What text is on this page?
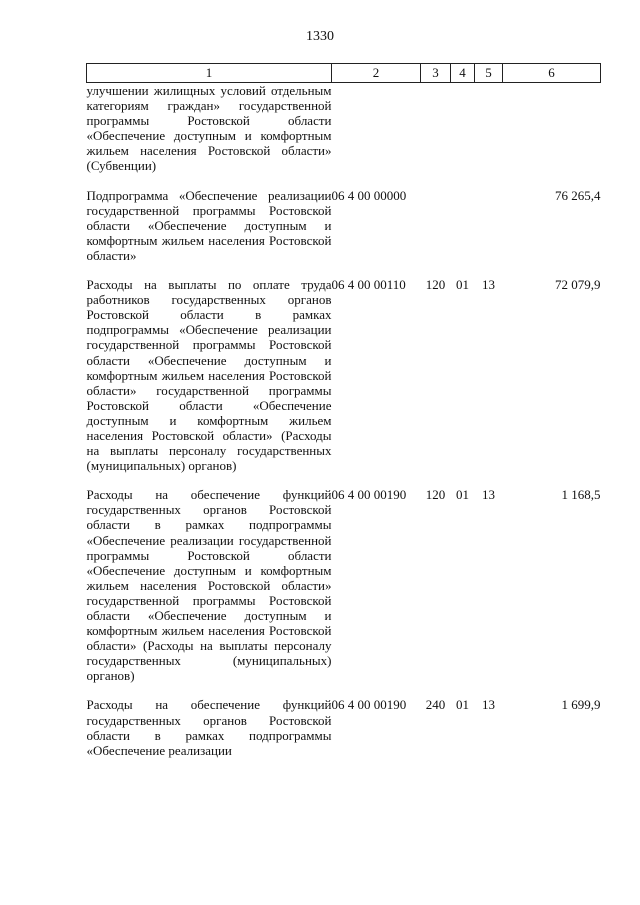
1330
1	2	3	4	5	6

улучшении жилищных условий отдельным категориям граждан» государственной программы Ростовской области «Обеспечение доступным и комфортным жильем населения Ростовской области» (Субвенции)					

Подпрограмма «Обеспечение реализации государственной программы Ростовской области «Обеспечение доступным и комфортным жильем населения Ростовской области»	06 4 00 00000				76 265,4

Расходы на выплаты по оплате труда работников государственных органов Ростовской области в рамках подпрограммы «Обеспечение реализации государственной программы Ростовской области «Обеспечение доступным и комфортным жильем населения Ростовской области» государственной программы Ростовской области «Обеспечение доступным и комфортным жильем населения Ростовской области» (Расходы на выплаты персоналу государственных (муниципальных) органов)	06 4 00 00110	120	01	13	72 079,9

Расходы на обеспечение функций государственных органов Ростовской области в рамках подпрограммы «Обеспечение реализации государственной программы Ростовской области «Обеспечение доступным и комфортным жильем населения Ростовской области» государственной программы Ростовской области «Обеспечение доступным и комфортным жильем населения Ростовской области» (Расходы на выплаты персоналу государственных (муниципальных) органов)	06 4 00 00190	120	01	13	1 168,5

Расходы на обеспечение функций государственных органов Ростовской области в рамках подпрограммы «Обеспечение реализации	06 4 00 00190	240	01	13	1 699,9
